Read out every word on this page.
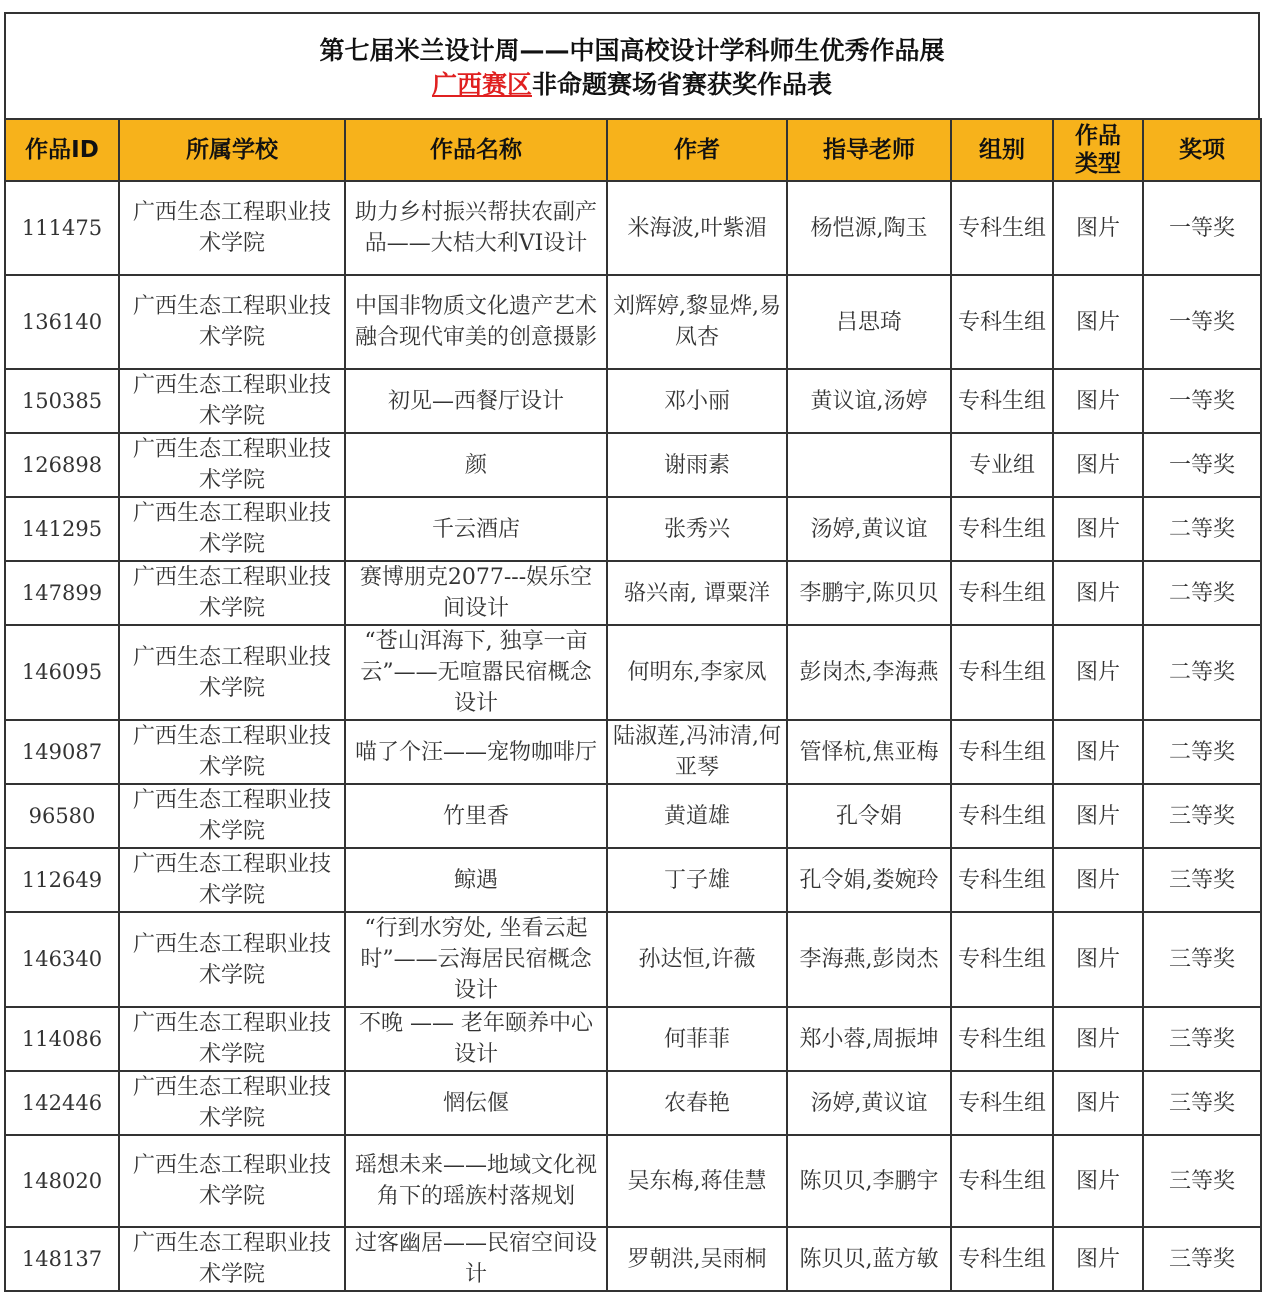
第七届米兰设计周——中国高校设计学科师生优秀作品展
广西赛区非命题赛场省赛获奖作品表
作品ID	所属学校	作品名称	作者	指导老师	组别	作品类型	奖项
111475	广西生态工程职业技术学院	助力乡村振兴帮扶农副产品——大桔大利VI设计	米海波,叶紫湄	杨恺源,陶玉	专科生组	图片	一等奖
136140	广西生态工程职业技术学院	中国非物质文化遗产艺术融合现代审美的创意摄影	刘辉婷,黎显烨,易凤杏	吕思琦	专科生组	图片	一等奖
150385	广西生态工程职业技术学院	初见—西餐厅设计	邓小丽	黄议谊,汤婷	专科生组	图片	一等奖
126898	广西生态工程职业技术学院	颜	谢雨素		专业组	图片	一等奖
141295	广西生态工程职业技术学院	千云酒店	张秀兴	汤婷,黄议谊	专科生组	图片	二等奖
147899	广西生态工程职业技术学院	赛博朋克2077---娱乐空间设计	骆兴南, 谭粟洋	李鹏宇,陈贝贝	专科生组	图片	二等奖
146095	广西生态工程职业技术学院	“苍山洱海下, 独享一亩云”——无喧嚣民宿概念设计	何明东,李家凤	彭岗杰,李海燕	专科生组	图片	二等奖
149087	广西生态工程职业技术学院	喵了个汪——宠物咖啡厅	陆淑莲,冯沛清,何亚琴	管怿杭,焦亚梅	专科生组	图片	二等奖
96580	广西生态工程职业技术学院	竹里香	黄道雄	孔令娟	专科生组	图片	三等奖
112649	广西生态工程职业技术学院	鲸遇	丁子雄	孔令娟,娄婉玲	专科生组	图片	三等奖
146340	广西生态工程职业技术学院	“行到水穷处, 坐看云起时”——云海居民宿概念设计	孙达恒,许薇	李海燕,彭岗杰	专科生组	图片	三等奖
114086	广西生态工程职业技术学院	不晚 —— 老年颐养中心设计	何菲菲	郑小蓉,周振坤	专科生组	图片	三等奖
142446	广西生态工程职业技术学院	惘伝偃	农春艳	汤婷,黄议谊	专科生组	图片	三等奖
148020	广西生态工程职业技术学院	瑶想未来——地域文化视角下的瑶族村落规划	吴东梅,蒋佳慧	陈贝贝,李鹏宇	专科生组	图片	三等奖
148137	广西生态工程职业技术学院	过客幽居——民宿空间设计	罗朝洪,吴雨桐	陈贝贝,蓝方敏	专科生组	图片	三等奖
